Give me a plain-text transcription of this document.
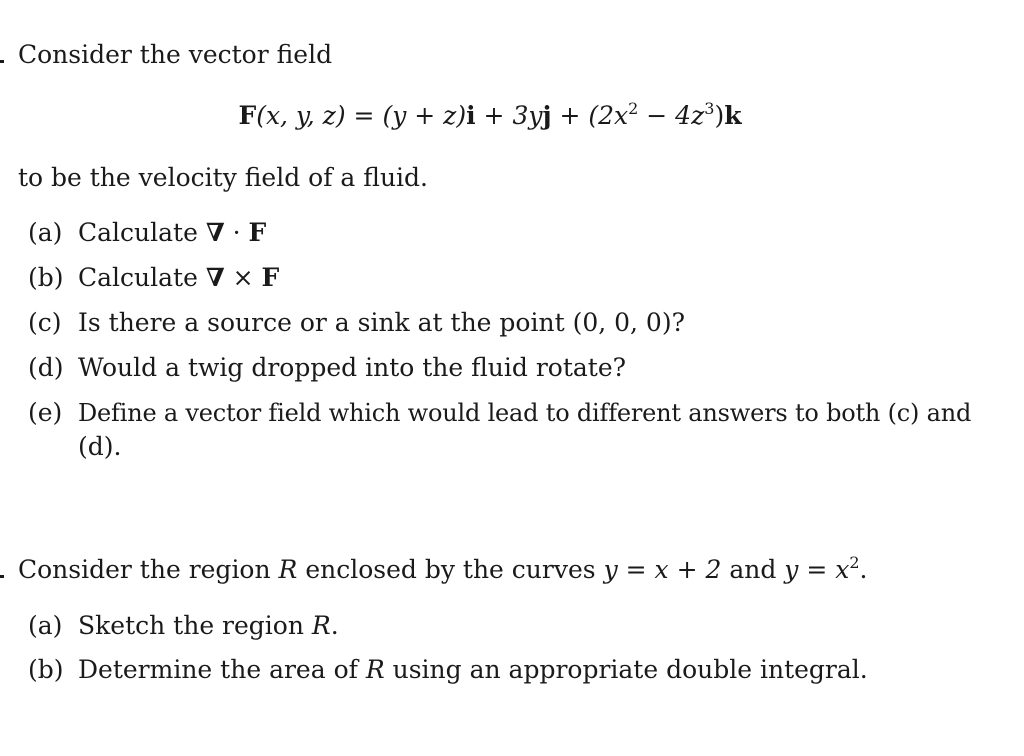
Consider the vector field
F(x, y, $z) = (y + z)i + 3yj + (2x^2 - 4z^3)k$
to be the velocity field of a fluid.
(a) Calculate ∇ · F
(b) Calculate ∇ × F
(c) Is there a source or a sink at the point (0, 0, 0)?
(d) Would a twig dropped into the fluid rotate?
(e) Define a vector field which would lead to different answers to both (c) and
(d).
Consider the region R enclosed by the curves y = x + 2 and $y = x^2$.
(a) Sketch the region R.
(b) Determine the area of R using an appropriate double integral.
